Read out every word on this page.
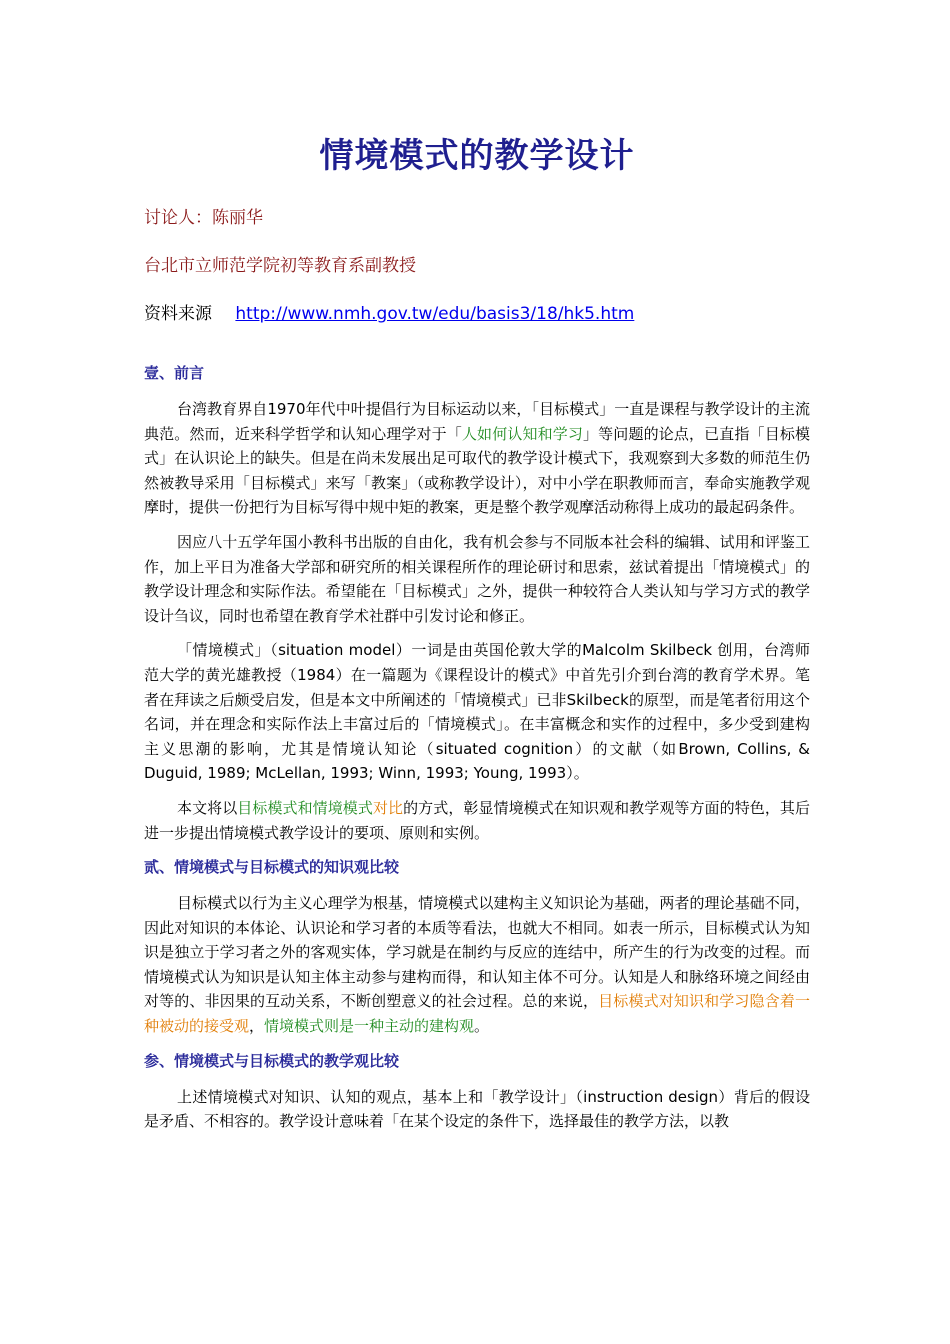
情境模式的教学设计

讨论人：陈丽华

台北市立师范学院初等教育系副教授

资料来源 http://www.nmh.gov.tw/edu/basis3/18/hk5.htm

壹、前言

台湾教育界自1970年代中叶提倡行为目标运动以来，「目标模式」一直是课程与教学设计的主流典范。然而，近来科学哲学和认知心理学对于「人如何认知和学习」等问题的论点，已直指「目标模式」在认识论上的缺失。但是在尚未发展出足可取代的教学设计模式下，我观察到大多数的师范生仍然被教导采用「目标模式」来写「教案」（或称教学设计），对中小学在职教师而言，奉命实施教学观摩时，提供一份把行为目标写得中规中矩的教案，更是整个教学观摩活动称得上成功的最起码条件。

因应八十五学年国小教科书出版的自由化，我有机会参与不同版本社会科的编辑、试用和评鉴工作，加上平日为准备大学部和研究所的相关课程所作的理论研讨和思索，兹试着提出「情境模式」的教学设计理念和实际作法。希望能在「目标模式」之外，提供一种较符合人类认知与学习方式的教学设计刍议，同时也希望在教育学术社群中引发讨论和修正。

「情境模式」（situation model）一词是由英国伦敦大学的Malcolm Skilbeck 创用，台湾师范大学的黄光雄教授（1984）在一篇题为《课程设计的模式》中首先引介到台湾的教育学术界。笔者在拜读之后颇受启发，但是本文中所阐述的「情境模式」已非Skilbeck的原型，而是笔者衍用这个名词，并在理念和实际作法上丰富过后的「情境模式」。在丰富概念和实作的过程中，多少受到建构主义思潮的影响，尤其是情境认知论（situated cognition）的文献（如Brown, Collins, & Duguid, 1989; McLellan, 1993; Winn, 1993; Young, 1993）。

本文将以目标模式和情境模式对比的方式，彰显情境模式在知识观和教学观等方面的特色，其后进一步提出情境模式教学设计的要项、原则和实例。

贰、情境模式与目标模式的知识观比较

目标模式以行为主义心理学为根基，情境模式以建构主义知识论为基础，两者的理论基础不同，因此对知识的本体论、认识论和学习者的本质等看法，也就大不相同。如表一所示，目标模式认为知识是独立于学习者之外的客观实体，学习就是在制约与反应的连结中，所产生的行为改变的过程。而情境模式认为知识是认知主体主动参与建构而得，和认知主体不可分。认知是人和脉络环境之间经由对等的、非因果的互动关系，不断创塑意义的社会过程。总的来说，目标模式对知识和学习隐含着一种被动的接受观，情境模式则是一种主动的建构观。

参、情境模式与目标模式的教学观比较

上述情境模式对知识、认知的观点，基本上和「教学设计」（instruction design）背后的假设是矛盾、不相容的。教学设计意味着「在某个设定的条件下，选择最佳的教学方法，以教
